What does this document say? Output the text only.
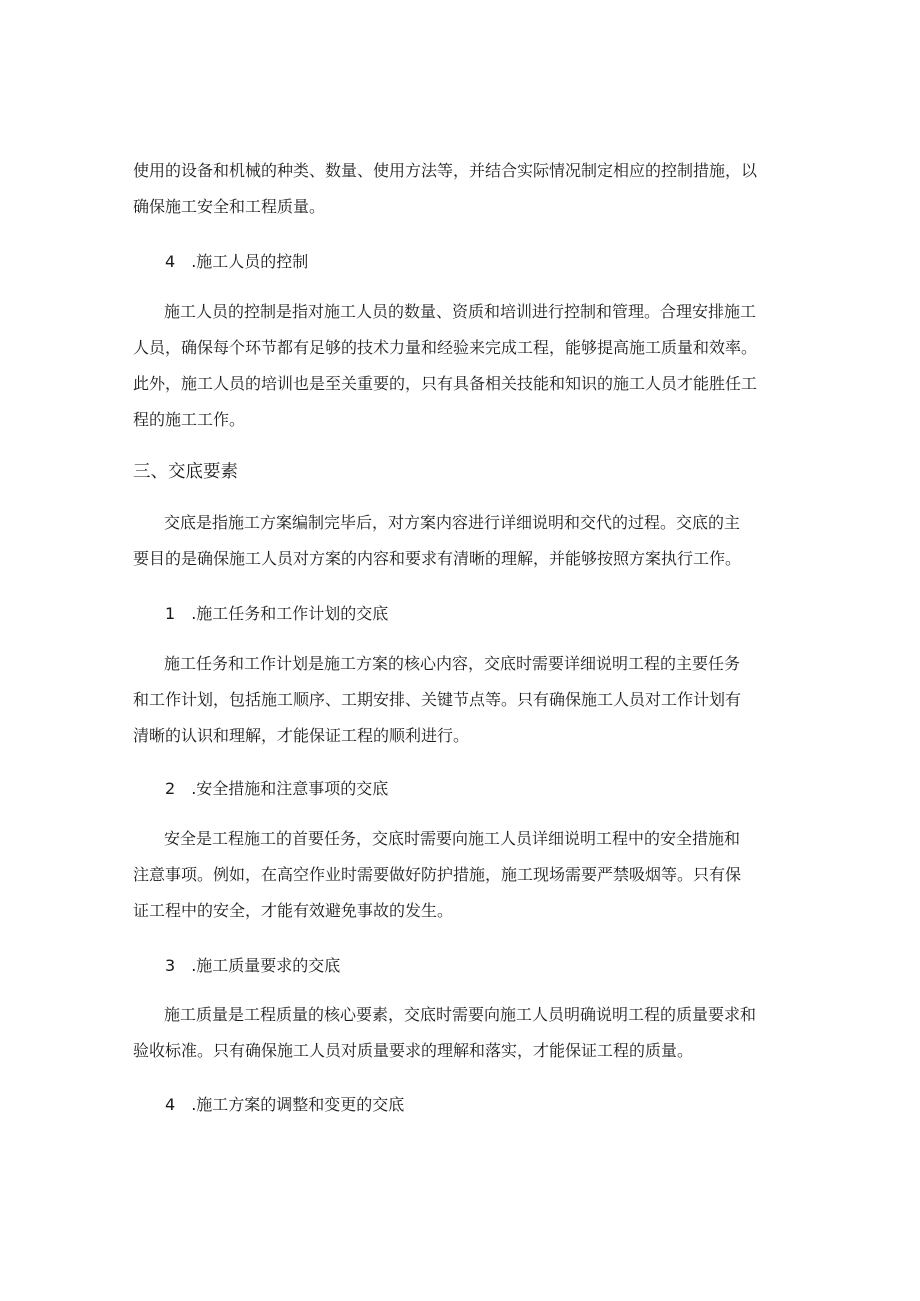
使用的设备和机械的种类、数量、使用方法等，并结合实际情况制定相应的控制措施，以

确保施工安全和工程质量。

4 .施工人员的控制

施工人员的控制是指对施工人员的数量、资质和培训进行控制和管理。合理安排施工

人员，确保每个环节都有足够的技术力量和经验来完成工程，能够提高施工质量和效率。

此外，施工人员的培训也是至关重要的，只有具备相关技能和知识的施工人员才能胜任工

程的施工工作。

三、交底要素

交底是指施工方案编制完毕后，对方案内容进行详细说明和交代的过程。交底的主

要目的是确保施工人员对方案的内容和要求有清晰的理解，并能够按照方案执行工作。

1 .施工任务和工作计划的交底

施工任务和工作计划是施工方案的核心内容，交底时需要详细说明工程的主要任务

和工作计划，包括施工顺序、工期安排、关键节点等。只有确保施工人员对工作计划有

清晰的认识和理解，才能保证工程的顺利进行。

2 .安全措施和注意事项的交底

安全是工程施工的首要任务，交底时需要向施工人员详细说明工程中的安全措施和

注意事项。例如，在高空作业时需要做好防护措施，施工现场需要严禁吸烟等。只有保

证工程中的安全，才能有效避免事故的发生。

3 .施工质量要求的交底

施工质量是工程质量的核心要素，交底时需要向施工人员明确说明工程的质量要求和

验收标准。只有确保施工人员对质量要求的理解和落实，才能保证工程的质量。

4 .施工方案的调整和变更的交底
